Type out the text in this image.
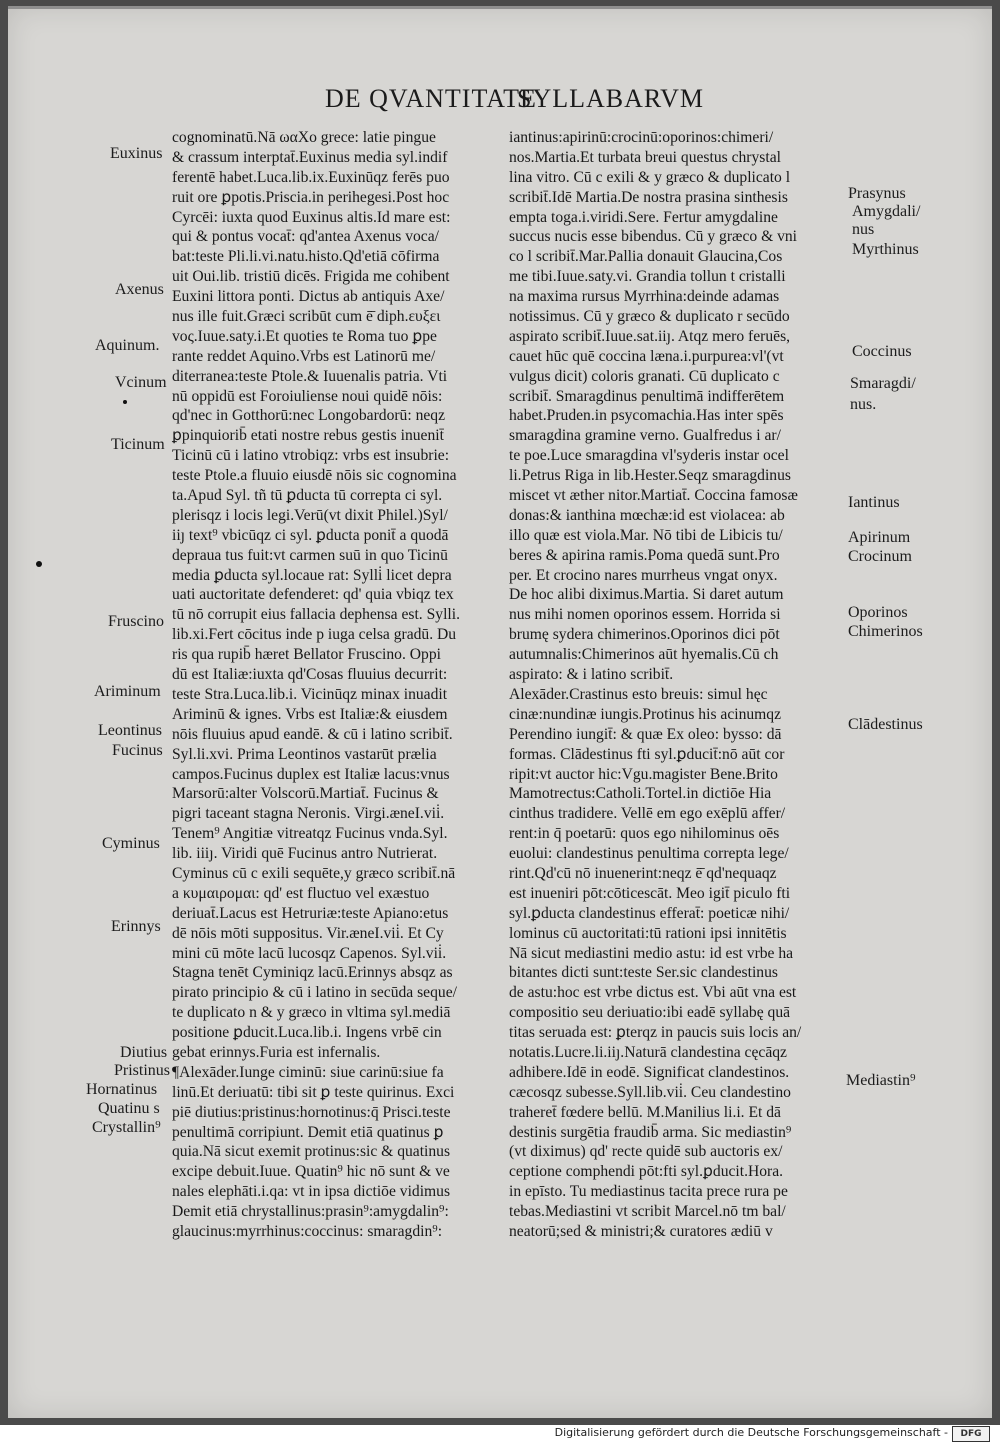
DE QVANTITATE
SYLLABARVM
cognominatū.Nā ωαΧο grece: latie pingue
& crassum interptat̄.Euxinus media syl.indif
ferentē habet.Luca.lib.ix.Euxinūqz ferēs puo
ruit ore ꝑpotis.Priscia.in perihegesi.Post hoc
Cyrcēi: iuxta quod Euxinus altis.Id mare est:
qui & pontus vocat̄: qd'antea Axenus voca/
bat:teste Pli.li.vi.natu.histo.Qd'etiā cōfirma
uit Oui.lib. tristiū dicēs. Frigida me cohibent
Euxini littora ponti. Dictus ab antiquis Axe/
nus ille fuit.Græci scribūt cum ē̄ diph.ευξει
voς.Iuue.saty.i.Et quoties te Roma tuo ꝑpe
rante reddet Aquino.Vrbs est Latinorū me/
diterranea:teste Ptole.& Iuuenalis patria. Vti
nū oppidū est Foroiuliense noui quidē nōis:
qd'nec in Gotthorū:nec Longobardorū: neqz
ꝑpinquiorib̄ etati nostre rebus gestis inuenit̄
Ticinū cū i latino vtrobiqz: vrbs est insubrie:
teste Ptole.a fluuio eiusdē nōis sic cognomina
ta.Apud Syl. tñ tū ꝑducta tū correpta ci syl.
plerisqz i locis legi.Verū(vt dixit Philel.)Syl/
iiȷ text⁹ vbicūqz ci syl. ꝑducta ponit̄ a quodā
depraua tus fuit:vt carmen suū in quo Ticinū
media ꝑducta syl.locaue rat: Sylli̇ licet depra
uati auctoritate defenderet: qd' quia vbiqz tex
tū nō corrupit eius fallacia dephensa est. Sylli.
lib.xi.Fert cōcitus inde p iuga celsa gradū. Du
ris qua rupib̄ hæret Bellator Fruscino. Oppi
dū est Italiæ:iuxta qd'Cosas fluuius decurrit:
teste Stra.Luca.lib.i. Vicinūqz minax inuadit
Ariminū & ignes. Vrbs est Italiæ:& eiusdem
nōis fluuius apud eandē. & cū i latino scribit̄.
Syl.li.xvi. Prima Leontinos vastarūt prælia
campos.Fucinus duplex est Italiæ lacus:vnus
Marsorū:alter Volscorū.Martiat̄. Fucinus &
pigri taceant stagna Neronis. Virgi.æneI.vii̇.
Tenem⁹ Angitiæ vitreatqz Fucinus vnda.Syl.
lib. iiiȷ. Viridi quē Fucinus antro Nutrierat.
Cyminus cū c exili sequēte,y græco scribit̄.nā
a κυμαιρομαι: qd' est fluctuo vel exæstuo
deriuat̄.Lacus est Hetruriæ:teste Apiano:etus
dē nōis mōti suppositus. Vir.æneI.vii̇. Et Cy
mini cū mōte lacū lucosqz Capenos. Syl.vii̇.
Stagna tenēt Cyminiqz lacū.Erinnys absqz as
pirato principio & cū i latino in secūda seque/
te duplicato n & y græco in vltima syl.mediā
positione ꝑducit.Luca.lib.i. Ingens vrbē cin
gebat erinnys.Furia est infernalis.
¶Alexāder.Iunge ciminū: siue carinū:siue fa
linū.Et deriuatū: tibi sit ꝑ teste quirinus. Exci
piē diutius:pristinus:hornotinus:q̄ Prisci.teste
penultimā corripiunt. Demit etiā quatinus ꝑ
quia.Nā sicut exemit protinus:sic & quatinus
excipe debuit.Iuue. Quatin⁹ hic nō sunt & ve
nales elephāti.i.qa: vt in ipsa dictiōe vidimus
Demit etiā chrystallinus:prasin⁹:amygdalin⁹:
glaucinus:myrrhinus:coccinus: smaragdin⁹:
iantinus:apirinū:crocinū:oporinos:chimeri/
nos.Martia.Et turbata breui questus chrystal
lina vitro. Cū c exili & y græco & duplicato l
scribit̄.Idē Martia.De nostra prasina sinthesis
empta toga.i.viridi.Sere. Fertur amygdaline
succus nucis esse bibendus. Cū y græco & vni
co l scribit̄.Mar.Pallia donauit Glaucina,Cos
me tibi.Iuue.saty.vi. Grandia tollun t cristalli
na maxima rursus Myrrhina:deinde adamas
notissimus. Cū y græco & duplicato r secūdo
aspirato scribit̄.Iuue.sat.iiȷ. Atqz mero feruēs,
cauet hūc quē coccina læna.i.purpurea:vl'(vt
vulgus dicit) coloris granati. Cū duplicato c
scribit̄. Smaragdinus penultimā indifferētem
habet.Pruden.in psycomachia.Has inter spēs
smaragdina gramine verno. Gualfredus i ar/
te poe.Luce smaragdina vl'syderis instar ocel
li.Petrus Riga in lib.Hester.Seqz smaragdinus
miscet vt æther nitor.Martiat̄. Coccina famosæ
donas:& ianthina mœchæ:id est violacea: ab
illo quæ est viola.Mar. Nō tibi de Libicis tu/
beres & apirina ramis.Poma quedā sunt.Pro
per. Et crocino nares murrheus vngat onyx.
De hoc alibi diximus.Martia. Si daret autum
nus mihi nomen oporinos essem. Horrida si
brumę sydera chimerinos.Oporinos dici pōt
autumnalis:Chimerinos aūt hyemalis.Cū ch
aspirato: & i latino scribit̄.
Alexāder.Crastinus esto breuis: simul hęc
cinæ:nundinæ iungis.Protinus his acinumqz
Perendino iungit̄: & quæ Ex oleo: bysso: dā
formas. Clādestinus fti syl.ꝑducit̄:nō aūt cor
ripit:vt auctor hic:Vgu.magister Bene.Brito
Mamotrectus:Catholi.Tortel.in dictiōe Hia
cinthus tradidere. Vellē em ego exēplū affer/
rent:in q̄ poetarū: quos ego nihilominus oēs
euolui: clandestinus penultima correpta lege/
rint.Qd'cū nō inuenerint:neqz ē̄ qd'nequaqz
est inueniri pōt:cōticescāt. Meo igit̄ piculo fti
syl.ꝑducta clandestinus efferat̄: poeticæ nihi/
lominus cū auctoritati:tū rationi ipsi innitētis
Nā sicut mediastini medio astu: id est vrbe ha
bitantes dicti sunt:teste Ser.sic clandestinus
de astu:hoc est vrbe dictus est. Vbi aūt vna est
compositio seu deriuatio:ibi eadē syllabę quā
titas seruada est: ꝑterqz in paucis suis locis an/
notatis.Lucre.li.iiȷ.Naturā clandestina cęcāqz
adhibere.Idē in eodē. Significat clandestinos.
cæcosqz subesse.Syll.lib.vii̇. Ceu clandestino
traheret̄ fœdere bellū. M.Manilius li.i. Et dā
destinis surgētia fraudib̄ arma. Sic mediastin⁹
(vt diximus) qd' recte quidē sub auctoris ex/
ceptione comphendi pōt:fti syl.ꝑducit.Hora.
in epīsto. Tu mediastinus tacita prece rura pe
tebas.Mediastini vt scribit Marcel.nō tm bal/
neatorū;sed & ministri;& curatores ædiū v
Euxinus
Axenus
Aquinum.
Vcinum
Ticinum
Fruscino
Ariminum
Leontinus
Fucinus
Cyminus
Erinnys
Diutius
Pristinus
Hornatinus
Quatinu s
Crystallin⁹
Prasynus
Amygdali/
nus
Myrthinus
Coccinus
Smaragdi/
nus.
Iantinus
Apirinum
Crocinum
Oporinos
Chimerinos
Clādestinus
Mediastin⁹
Digitalisierung gefördert durch die Deutsche Forschungsgemeinschaft -	DFG
